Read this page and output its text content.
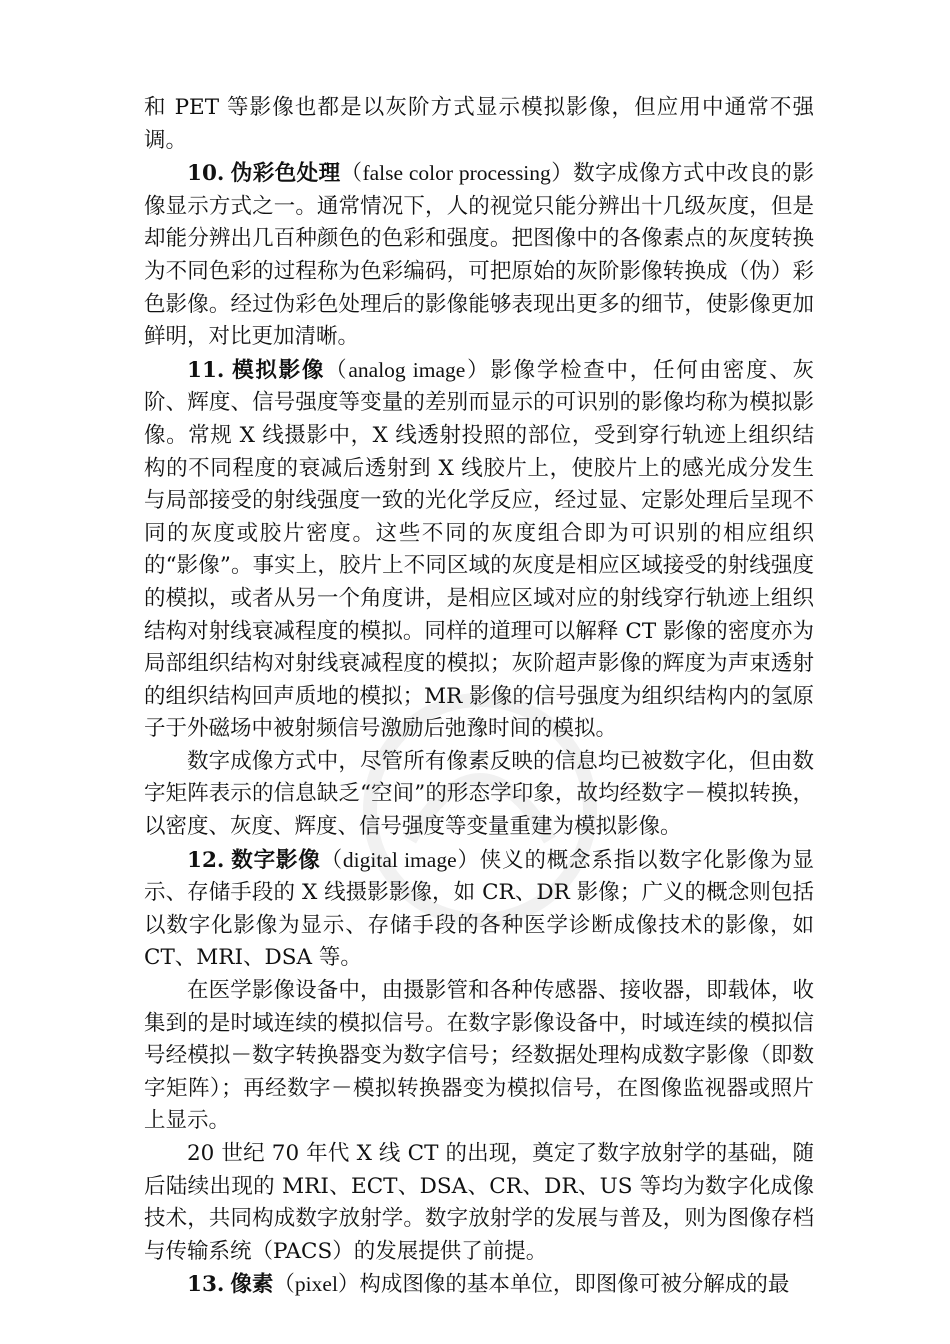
和 PET 等影像也都是以灰阶方式显示模拟影像，但应用中通常不强调。

10. 伪彩色处理（false color processing）数字成像方式中改良的影像显示方式之一。通常情况下，人的视觉只能分辨出十几级灰度，但是却能分辨出几百种颜色的色彩和强度。把图像中的各像素点的灰度转换为不同色彩的过程称为色彩编码，可把原始的灰阶影像转换成（伪）彩色影像。经过伪彩色处理后的影像能够表现出更多的细节，使影像更加鲜明，对比更加清晰。

11. 模拟影像（analog image）影像学检查中，任何由密度、灰阶、辉度、信号强度等变量的差别而显示的可识别的影像均称为模拟影像。常规 X 线摄影中，X 线透射投照的部位，受到穿行轨迹上组织结构的不同程度的衰减后透射到 X 线胶片上，使胶片上的感光成分发生与局部接受的射线强度一致的光化学反应，经过显、定影处理后呈现不同的灰度或胶片密度。这些不同的灰度组合即为可识别的相应组织的“影像”。事实上，胶片上不同区域的灰度是相应区域接受的射线强度的模拟，或者从另一个角度讲，是相应区域对应的射线穿行轨迹上组织结构对射线衰减程度的模拟。同样的道理可以解释 CT 影像的密度亦为局部组织结构对射线衰减程度的模拟；灰阶超声影像的辉度为声束透射的组织结构回声质地的模拟；MR 影像的信号强度为组织结构内的氢原子于外磁场中被射频信号激励后弛豫时间的模拟。

数字成像方式中，尽管所有像素反映的信息均已被数字化，但由数字矩阵表示的信息缺乏“空间”的形态学印象，故均经数字－模拟转换，以密度、灰度、辉度、信号强度等变量重建为模拟影像。

12. 数字影像（digital image）侠义的概念系指以数字化影像为显示、存储手段的 X 线摄影影像，如 CR、DR 影像；广义的概念则包括以数字化影像为显示、存储手段的各种医学诊断成像技术的影像，如 CT、MRI、DSA 等。

在医学影像设备中，由摄影管和各种传感器、接收器，即载体，收集到的是时域连续的模拟信号。在数字影像设备中，时域连续的模拟信号经模拟－数字转换器变为数字信号；经数据处理构成数字影像（即数字矩阵）；再经数字－模拟转换器变为模拟信号，在图像监视器或照片上显示。

20 世纪 70 年代 X 线 CT 的出现，奠定了数字放射学的基础，随后陆续出现的 MRI、ECT、DSA、CR、DR、US 等均为数字化成像技术，共同构成数字放射学。数字放射学的发展与普及，则为图像存档与传输系统（PACS）的发展提供了前提。

13. 像素（pixel）构成图像的基本单位，即图像可被分解成的最
